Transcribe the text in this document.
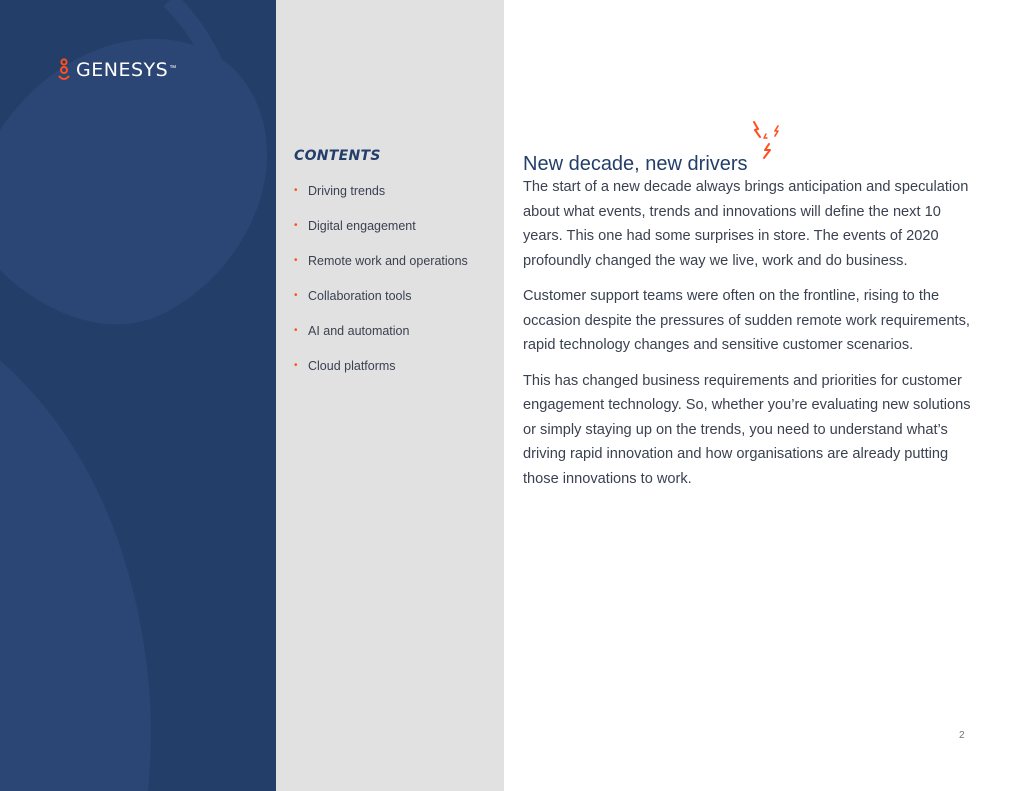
GENESYS ™
CONTENTS
• Driving trends
• Digital engagement
• Remote work and operations
• Collaboration tools
• AI and automation
• Cloud platforms
New decade, new drivers

The start of a new decade always brings anticipation and speculation about what events, trends and innovations will define the next 10 years. This one had some surprises in store. The events of 2020 profoundly changed the way we live, work and do business.

Customer support teams were often on the frontline, rising to the occasion despite the pressures of sudden remote work requirements, rapid technology changes and sensitive customer scenarios.

This has changed business requirements and priorities for customer engagement technology. So, whether you’re evaluating new solutions or simply staying up on the trends, you need to understand what’s driving rapid innovation and how organisations are already putting those innovations to work.

2
